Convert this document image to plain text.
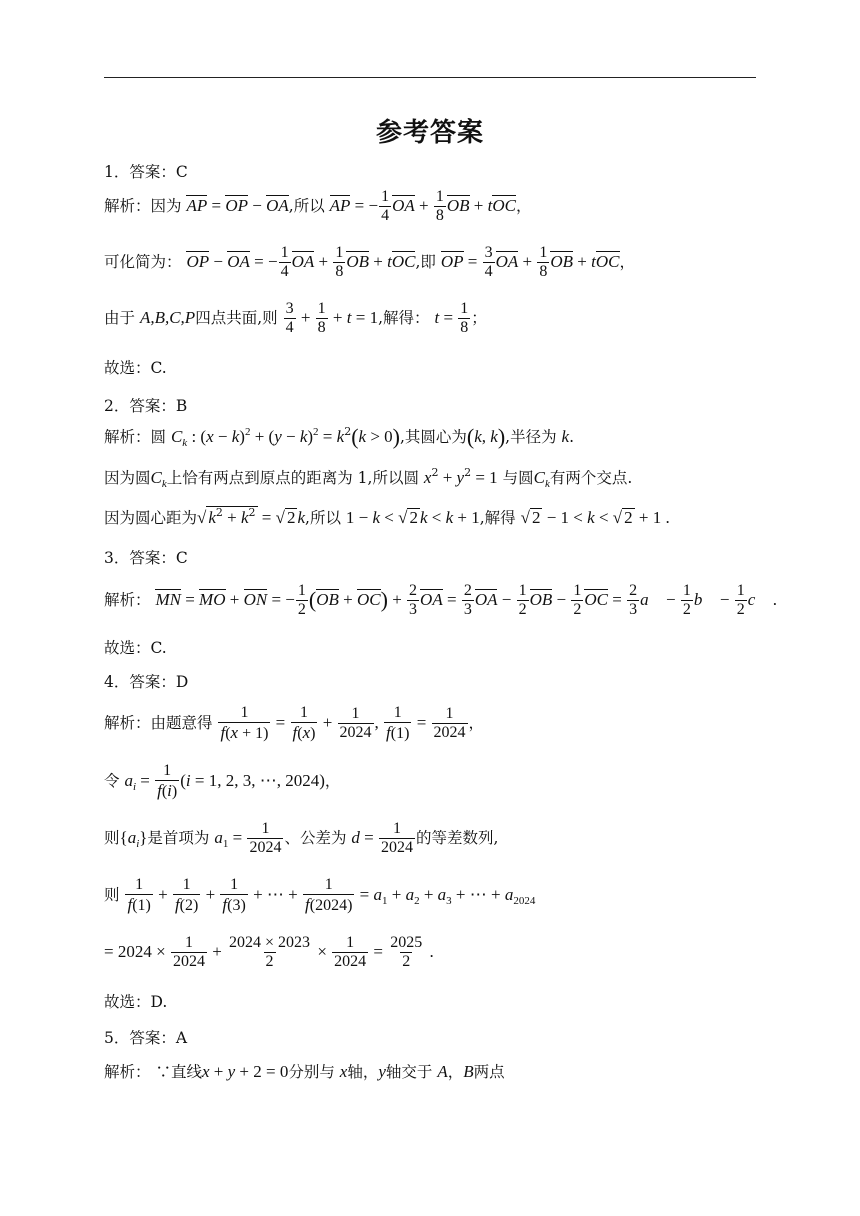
参考答案
1．答案：C
解析：因为 AP = OP − OA,所以 AP = − $\frac{1}{4}$ OA + $\frac{1}{8}$ OB + tOC，
可化简为： OP − OA = − $\frac{1}{4}$ OA + $\frac{1}{8}$ OB + tOC,即 OP = $\frac{3}{4}$ OA + $\frac{1}{8}$ OB + tOC，
由于 A,B,C,P四点共面,则 $\frac{3}{4} + \frac{1}{8} + t = 1$,解得： $t = \frac{1}{8}$ ；
故选：C.
2．答案：B
解析：圆 $C_k$ : $(x - k)^2 + (y - k)^2 = k^2(k > 0)$,其圆心为(k, k),半径为 k.
因为圆$C_k$上恰有两点到原点的距离为 1,所以圆 $x^2 + y^2 = 1$ 与圆$C_k$有两个交点.
因为圆心距为√ $k^2 + k^2$ = √ 2 k,所以 1 − k < √ 2 k < k + 1,解得 √ 2 − 1 < k < √ 2 + 1 .
3．答案：C
解析： MN = MO + ON = − $\frac{1}{2} (OB + OC) + \frac{2}{3}$ OA = $\frac{2}{3}$ OA − $\frac{1}{2}$ OB − $\frac{1}{2}$ OC = $\frac{2}{3}$ a⃗ − $\frac{1}{2}$ b⃗ − $\frac{1}{2}$ c⃗ .
故选：C.
4．答案：D
解析：由题意得 $\frac{1}{f(x + 1)} = \frac{1}{f(x)} + \frac{1}{2024}$ , $\frac{1}{f(1)} = \frac{1}{2024}$ ，
令 $a_i = \frac{1}{f(i)} (i = 1$, 2, 3, ⋯, 2024)，
则$\{a_i\}$是首项为 $a_1 = \frac{1}{2024}$ 、公差为 $d = \frac{1}{2024}$ 的等差数列,
则 $\frac{1}{f(1)} + \frac{1}{f(2)} + \frac{1}{f(3)}$ + ⋯ + $\frac{1}{f(2024)} = a_1 + a_2 + a_3$ + ⋯ + $a_{2024}$
= $2024 \times \frac{1}{2024} + \frac{2024 \times 2023}{2} \times \frac{1}{2024} = \frac{2025}{2}$ .
故选：D.
5．答案：A
解析： ∵直线x + y + 2 = 0分别与 x轴，y轴交于 A，B两点
